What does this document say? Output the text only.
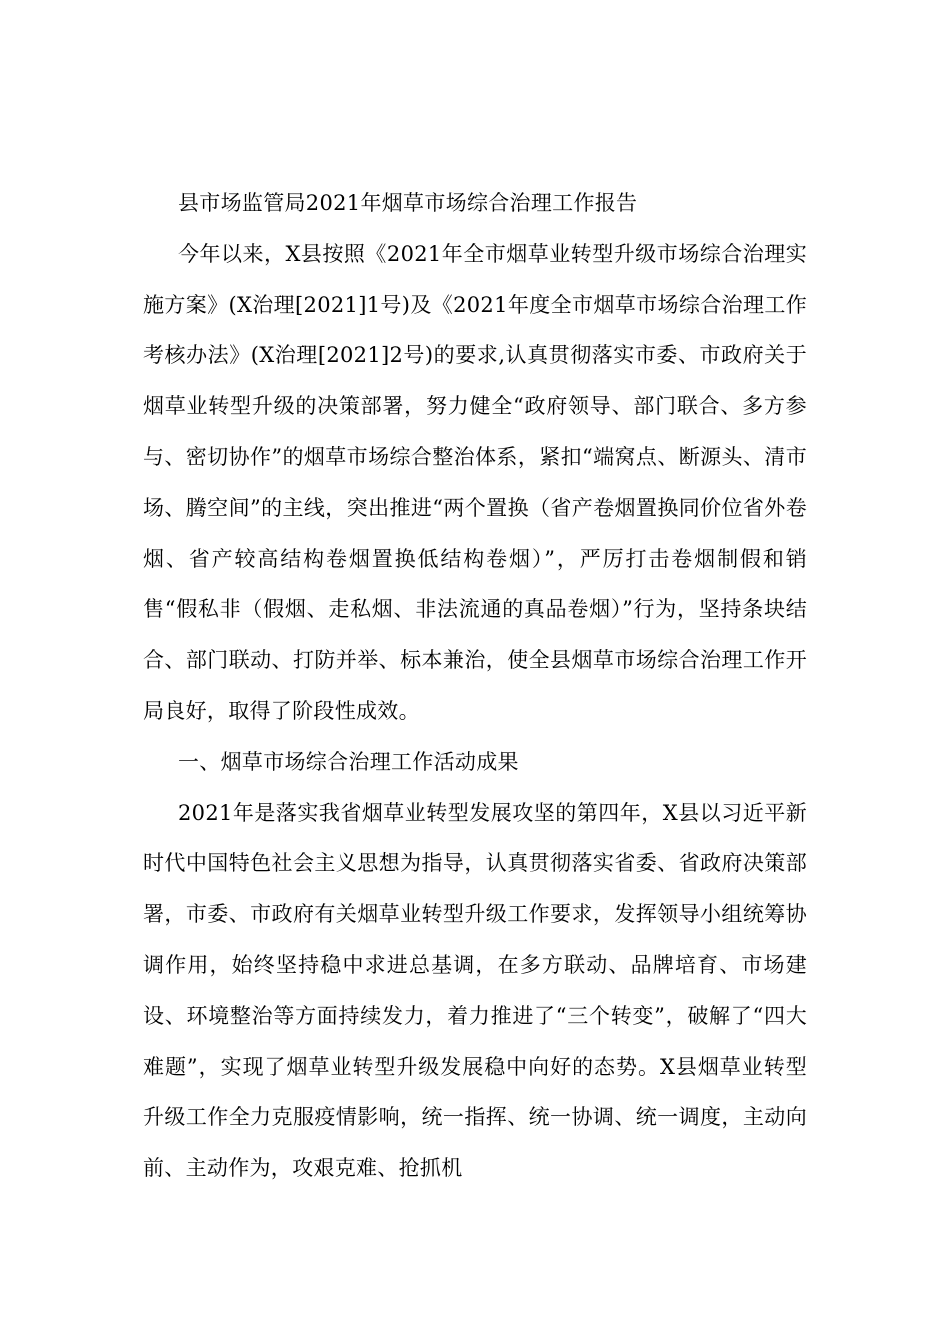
县市场监管局2021年烟草市场综合治理工作报告

今年以来，X县按照《2021年全市烟草业转型升级市场综合治理实施方案》(X治理[2021]1号)及《2021年度全市烟草市场综合治理工作考核办法》(X治理[2021]2号)的要求,认真贯彻落实市委、市政府关于烟草业转型升级的决策部署，努力健全“政府领导、部门联合、多方参与、密切协作”的烟草市场综合整治体系，紧扣“端窝点、断源头、清市场、腾空间”的主线，突出推进“两个置换（省产卷烟置换同价位省外卷烟、省产较高结构卷烟置换低结构卷烟）”，严厉打击卷烟制假和销售“假私非（假烟、走私烟、非法流通的真品卷烟）”行为，坚持条块结合、部门联动、打防并举、标本兼治，使全县烟草市场综合治理工作开局良好，取得了阶段性成效。

一、烟草市场综合治理工作活动成果

2021年是落实我省烟草业转型发展攻坚的第四年，X县以习近平新时代中国特色社会主义思想为指导，认真贯彻落实省委、省政府决策部署，市委、市政府有关烟草业转型升级工作要求，发挥领导小组统筹协调作用，始终坚持稳中求进总基调，在多方联动、品牌培育、市场建设、环境整治等方面持续发力，着力推进了“三个转变”，破解了“四大难题”，实现了烟草业转型升级发展稳中向好的态势。X县烟草业转型升级工作全力克服疫情影响，统一指挥、统一协调、统一调度，主动向前、主动作为，攻艰克难、抢抓机
